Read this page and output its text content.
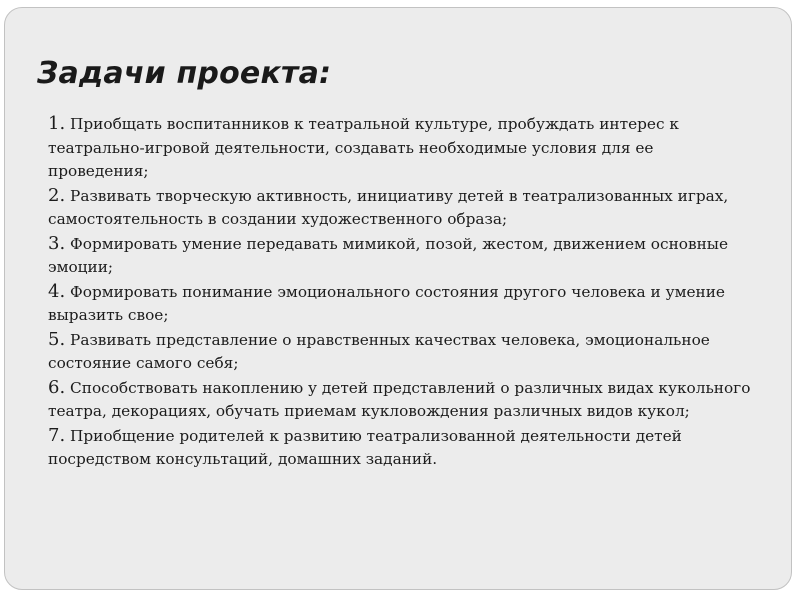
Задачи проекта:

1. Приобщать воспитанников к театральной культуре, пробуждать интерес к театрально-игровой деятельности, создавать необходимые условия для ее проведения;

2. Развивать творческую активность, инициативу детей в театрализованных играх, самостоятельность в создании художественного образа;

3. Формировать умение передавать мимикой, позой, жестом, движением основные эмоции;

4. Формировать понимание эмоционального состояния другого человека и умение выразить свое;

5. Развивать представление о нравственных качествах человека, эмоциональное состояние самого себя;

6. Способствовать накоплению у детей представлений о различных видах кукольного театра, декорациях, обучать приемам кукловождения различных видов кукол;

7. Приобщение родителей к развитию театрализованной деятельности детей посредством консультаций, домашних заданий.
